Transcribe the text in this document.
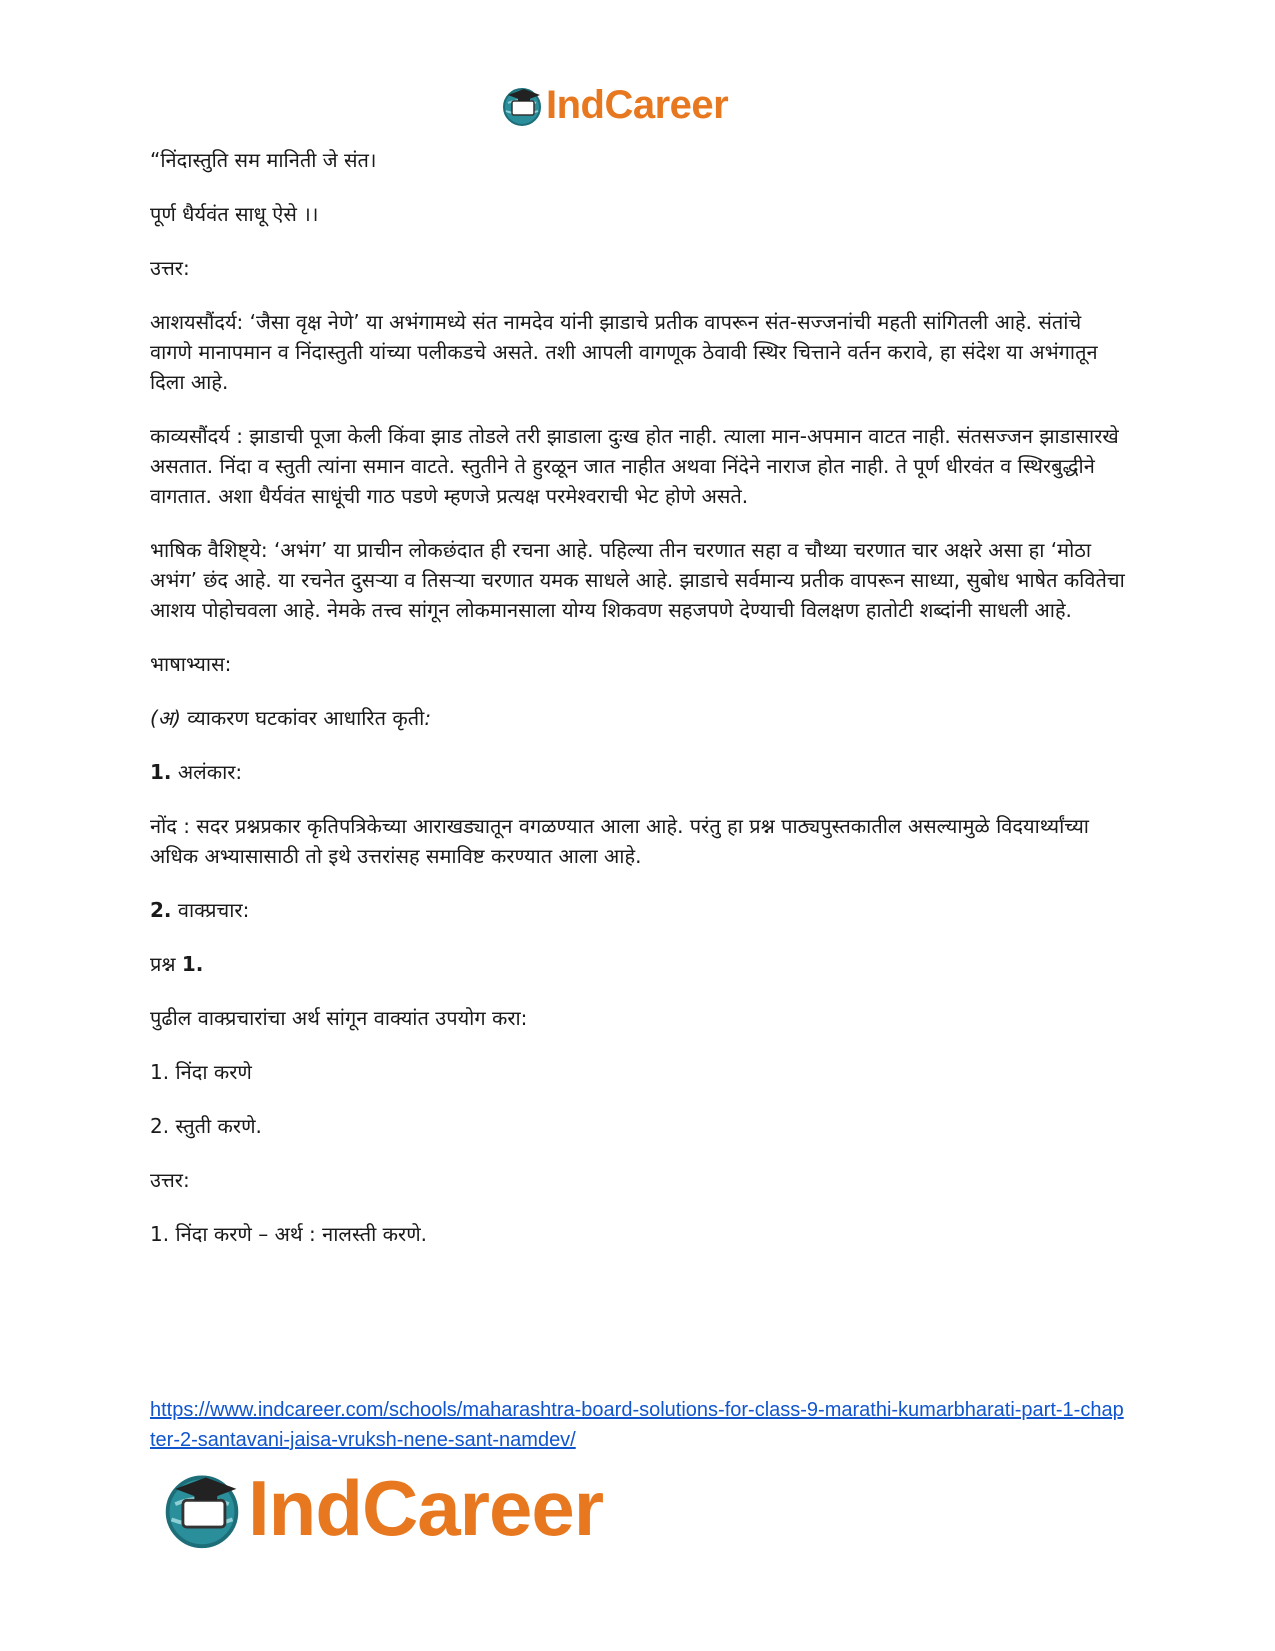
IndCareer

“निंदास्तुति सम मानिती जे संत।

पूर्ण धैर्यवंत साधू ऐसे ।।

उत्तर:

आशयसौंदर्य: ‘जैसा वृक्ष नेणे’ या अभंगामध्ये संत नामदेव यांनी झाडाचे प्रतीक वापरून संत-सज्जनांची महती सांगितली आहे. संतांचे वागणे मानापमान व निंदास्तुती यांच्या पलीकडचे असते. तशी आपली वागणूक ठेवावी स्थिर चित्ताने वर्तन करावे, हा संदेश या अभंगातून दिला आहे.

काव्यसौंदर्य : झाडाची पूजा केली किंवा झाड तोडले तरी झाडाला दुःख होत नाही. त्याला मान-अपमान वाटत नाही. संतसज्जन झाडासारखे असतात. निंदा व स्तुती त्यांना समान वाटते. स्तुतीने ते हुरळून जात नाहीत अथवा निंदेने नाराज होत नाही. ते पूर्ण धीरवंत व स्थिरबुद्धीने वागतात. अशा धैर्यवंत साधूंची गाठ पडणे म्हणजे प्रत्यक्ष परमेश्वराची भेट होणे असते.

भाषिक वैशिष्ट्ये: ‘अभंग’ या प्राचीन लोकछंदात ही रचना आहे. पहिल्या तीन चरणात सहा व चौथ्या चरणात चार अक्षरे असा हा ‘मोठा अभंग’ छंद आहे. या रचनेत दुसऱ्या व तिसऱ्या चरणात यमक साधले आहे. झाडाचे सर्वमान्य प्रतीक वापरून साध्या, सुबोध भाषेत कवितेचा आशय पोहोचवला आहे. नेमके तत्त्व सांगून लोकमानसाला योग्य शिकवण सहजपणे देण्याची विलक्षण हातोटी शब्दांनी साधली आहे.

भाषाभ्यास:

(अ) व्याकरण घटकांवर आधारित कृती:

1. अलंकार:

नोंद : सदर प्रश्नप्रकार कृतिपत्रिकेच्या आराखड्यातून वगळण्यात आला आहे. परंतु हा प्रश्न पाठ्यपुस्तकातील असल्यामुळे विदयार्थ्यांच्या अधिक अभ्यासासाठी तो इथे उत्तरांसह समाविष्ट करण्यात आला आहे.

2. वाक्प्रचार:

प्रश्न 1.

पुढील वाक्प्रचारांचा अर्थ सांगून वाक्यांत उपयोग करा:

1. निंदा करणे

2. स्तुती करणे.

उत्तर:

1. निंदा करणे – अर्थ : नालस्ती करणे.

https://www.indcareer.com/schools/maharashtra-board-solutions-for-class-9-marathi-kumarbharati-part-1-chapter-2-santavani-jaisa-vruksh-nene-sant-namdev/
IndCareer
